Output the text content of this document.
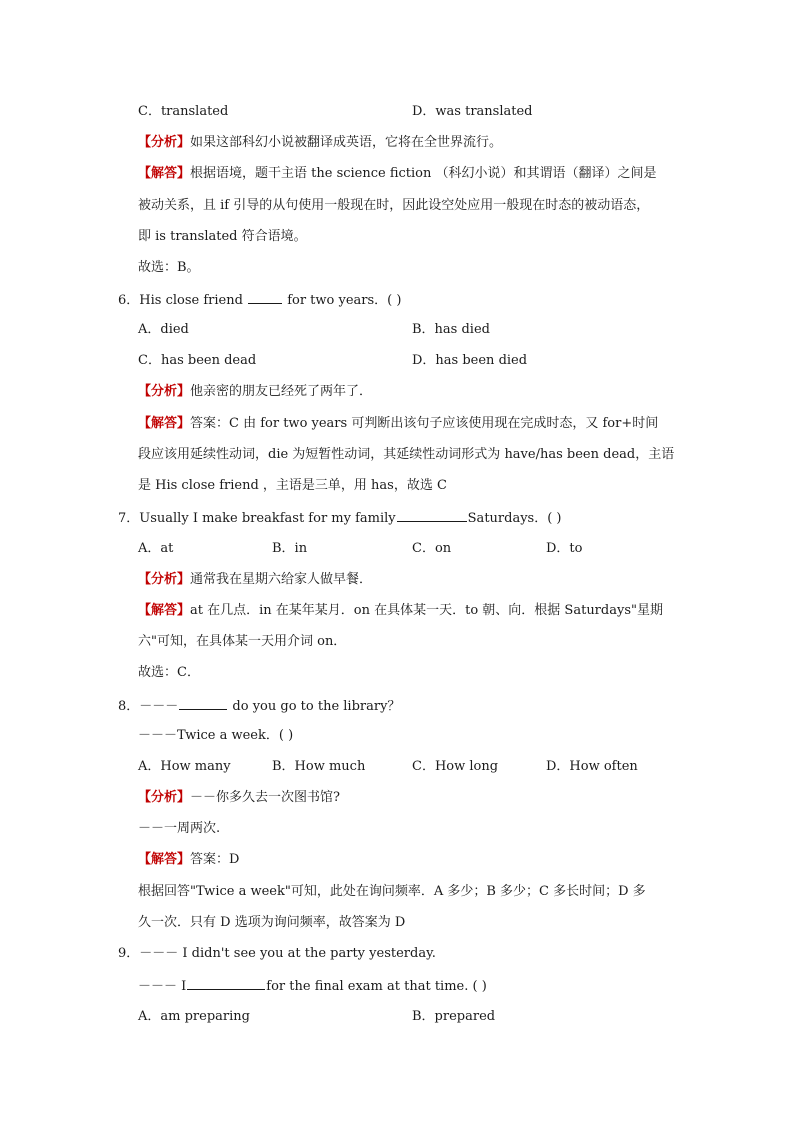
C．translated	D．was translated
【分析】如果这部科幻小说被翻译成英语，它将在全世界流行。
【解答】根据语境，题干主语 the science fiction （科幻小说）和其谓语（翻译）之间是
被动关系，且 if 引导的从句使用一般现在时，因此设空处应用一般现在时态的被动语态，
即 is translated 符合语境。
故选：B。
6．His close friend	for two years．( )
A．died	B．has died
C．has been dead	D．has been died
【分析】他亲密的朋友已经死了两年了．
【解答】答案：C 由 for two years 可判断出该句子应该使用现在完成时态，又 for+时间
段应该用延续性动词，die 为短暂性动词，其延续性动词形式为 have/has been dead，主语
是 His close friend ，主语是三单，用 has，故选 C
7．Usually I make breakfast for my family	Saturdays．( )
A．at	B．in	C．on	D．to
【分析】通常我在星期六给家人做早餐．
【解答】at 在几点．in 在某年某月．on 在具体某一天．to 朝、向．根据 Saturdays"星期
六"可知，在具体某一天用介词 on．
故选：C．
8．－－－	do you go to the library？
－－－Twice a week．( )
A．How many	B．How much	C．How long	D．How often
【分析】－－你多久去一次图书馆?
－－一周两次.
【解答】答案：D
根据回答"Twice a week"可知，此处在询问频率．A 多少；B 多少；C 多长时间；D 多
久一次．只有 D 选项为询问频率，故答案为 D
9．－－－ I didn't see you at the party yesterday.
－－－ I	for the final exam at that time. ( )
A．am preparing	B．prepared
